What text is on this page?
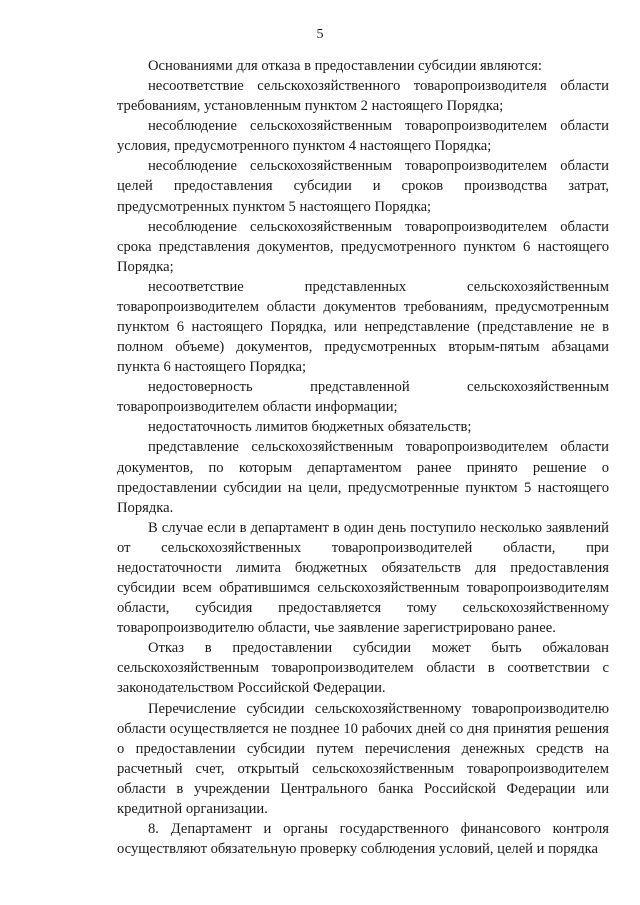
5

Основаниями для отказа в предоставлении субсидии являются:

несоответствие сельскохозяйственного товаропроизводителя области требованиям, установленным пунктом 2 настоящего Порядка;

несоблюдение сельскохозяйственным товаропроизводителем области условия, предусмотренного пунктом 4 настоящего Порядка;

несоблюдение сельскохозяйственным товаропроизводителем области целей предоставления субсидии и сроков производства затрат, предусмотренных пунктом 5 настоящего Порядка;

несоблюдение сельскохозяйственным товаропроизводителем области срока представления документов, предусмотренного пунктом 6 настоящего Порядка;

несоответствие представленных сельскохозяйственным товаропроизводителем области документов требованиям, предусмотренным пунктом 6 настоящего Порядка, или непредставление (представление не в полном объеме) документов, предусмотренных вторым-пятым абзацами пункта 6 настоящего Порядка;

недостоверность представленной сельскохозяйственным товаропроизводителем области информации;

недостаточность лимитов бюджетных обязательств;

представление сельскохозяйственным товаропроизводителем области документов, по которым департаментом ранее принято решение о предоставлении субсидии на цели, предусмотренные пунктом 5 настоящего Порядка.

В случае если в департамент в один день поступило несколько заявлений от сельскохозяйственных товаропроизводителей области, при недостаточности лимита бюджетных обязательств для предоставления субсидии всем обратившимся сельскохозяйственным товаропроизводителям области, субсидия предоставляется тому сельскохозяйственному товаропроизводителю области, чье заявление зарегистрировано ранее.

Отказ в предоставлении субсидии может быть обжалован сельскохозяйственным товаропроизводителем области в соответствии с законодательством Российской Федерации.

Перечисление субсидии сельскохозяйственному товаропроизводителю области осуществляется не позднее 10 рабочих дней со дня принятия решения о предоставлении субсидии путем перечисления денежных средств на расчетный счет, открытый сельскохозяйственным товаропроизводителем области в учреждении Центрального банка Российской Федерации или кредитной организации.

8. Департамент и органы государственного финансового контроля осуществляют обязательную проверку соблюдения условий, целей и порядка
